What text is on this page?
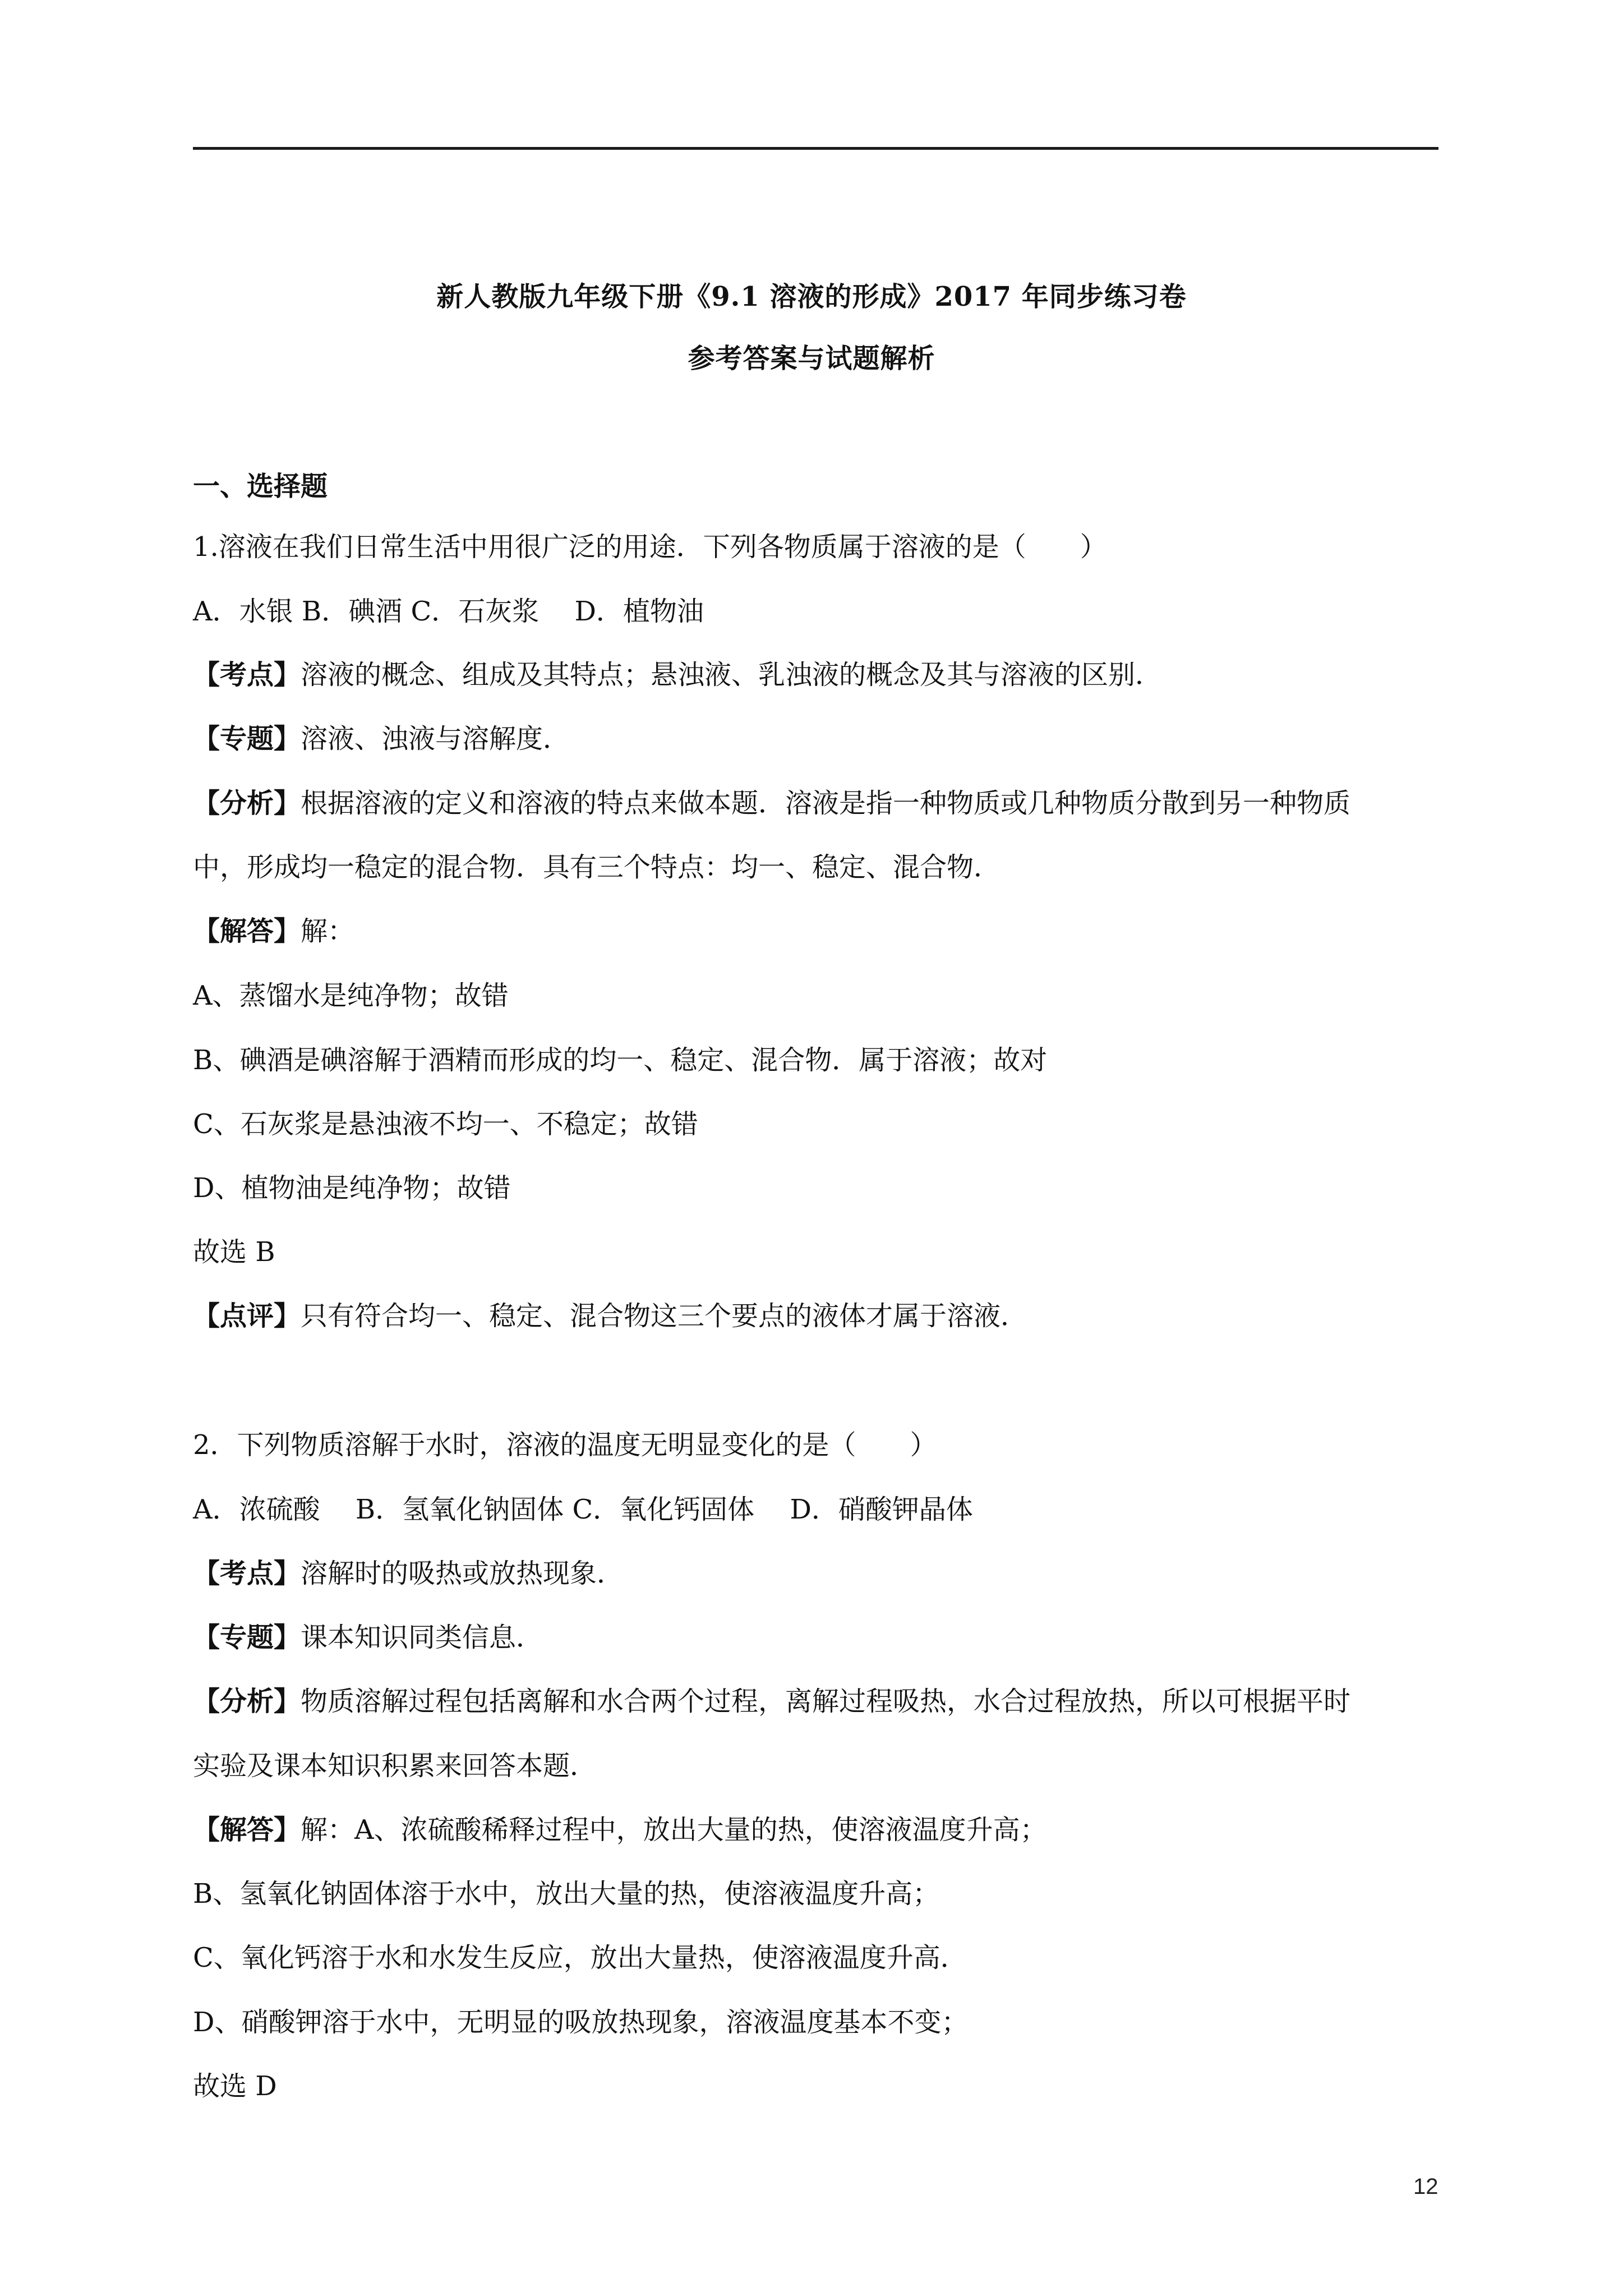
新人教版九年级下册《9.1 溶液的形成》2017 年同步练习卷
参考答案与试题解析
一、选择题
1.溶液在我们日常生活中用很广泛的用途．下列各物质属于溶液的是（　　）
A．水银 B．碘酒 C．石灰浆　 D．植物油
【考点】溶液的概念、组成及其特点；悬浊液、乳浊液的概念及其与溶液的区别．
【专题】溶液、浊液与溶解度．
【分析】根据溶液的定义和溶液的特点来做本题．溶液是指一种物质或几种物质分散到另一种物质
中，形成均一稳定的混合物．具有三个特点：均一、稳定、混合物．
【解答】解：
A、蒸馏水是纯净物；故错
B、碘酒是碘溶解于酒精而形成的均一、稳定、混合物．属于溶液；故对
C、石灰浆是悬浊液不均一、不稳定；故错
D、植物油是纯净物；故错
故选 B
【点评】只有符合均一、稳定、混合物这三个要点的液体才属于溶液．
2．下列物质溶解于水时，溶液的温度无明显变化的是（　　）
A．浓硫酸　 B．氢氧化钠固体 C．氧化钙固体　 D．硝酸钾晶体
【考点】溶解时的吸热或放热现象．
【专题】课本知识同类信息．
【分析】物质溶解过程包括离解和水合两个过程，离解过程吸热，水合过程放热，所以可根据平时
实验及课本知识积累来回答本题．
【解答】解：A、浓硫酸稀释过程中，放出大量的热，使溶液温度升高；
B、氢氧化钠固体溶于水中，放出大量的热，使溶液温度升高；
C、氧化钙溶于水和水发生反应，放出大量热，使溶液温度升高．
D、硝酸钾溶于水中，无明显的吸放热现象，溶液温度基本不变；
故选 D
12
